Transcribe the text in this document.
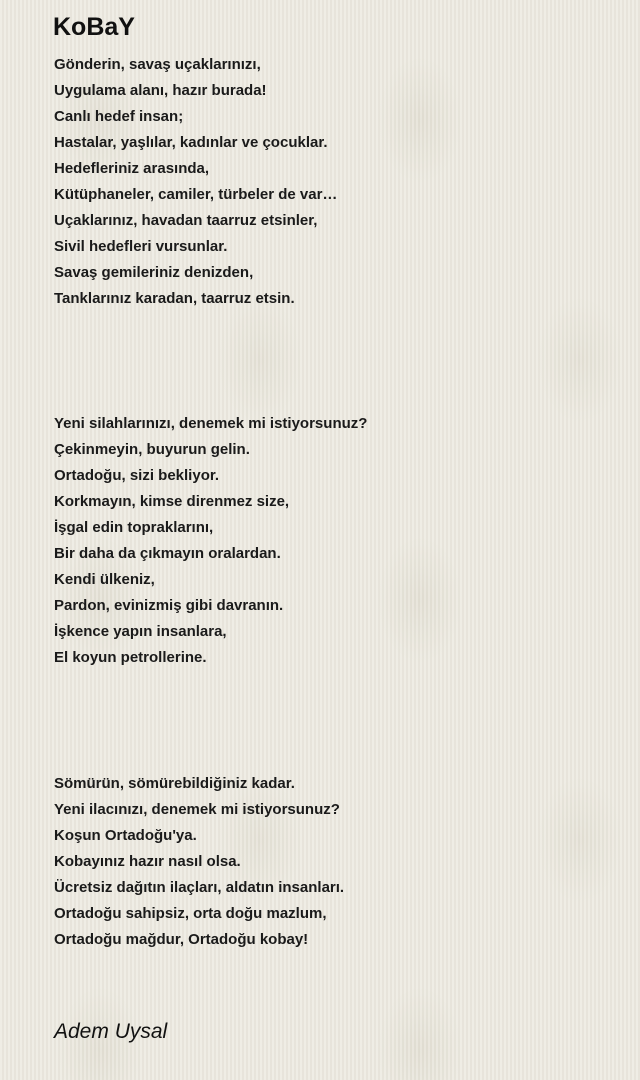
KoBaY
Gönderin, savaş uçaklarınızı,
Uygulama alanı, hazır burada!
Canlı hedef insan;
Hastalar, yaşlılar, kadınlar ve çocuklar.
Hedefleriniz arasında,
Kütüphaneler, camiler, türbeler de var…
Uçaklarınız, havadan taarruz etsinler,
Sivil hedefleri vursunlar.
Savaş gemileriniz denizden,
Tanklarınız karadan, taarruz etsin.
Yeni silahlarınızı, denemek mi istiyorsunuz?
Çekinmeyin, buyurun gelin.
Ortadoğu, sizi bekliyor.
Korkmayın, kimse direnmez size,
İşgal edin topraklarını,
Bir daha da çıkmayın oralardan.
Kendi ülkeniz,
Pardon, evinizmiş gibi davranın.
İşkence yapın insanlara,
El koyun petrollerine.
Sömürün, sömürebildiğiniz kadar.
Yeni ilacınızı, denemek mi istiyorsunuz?
Koşun Ortadoğu'ya.
Kobayınız hazır nasıl olsa.
Ücretsiz dağıtın ilaçları, aldatın insanları.
Ortadoğu sahipsiz, orta doğu mazlum,
Ortadoğu mağdur, Ortadoğu kobay!
Adem Uysal
